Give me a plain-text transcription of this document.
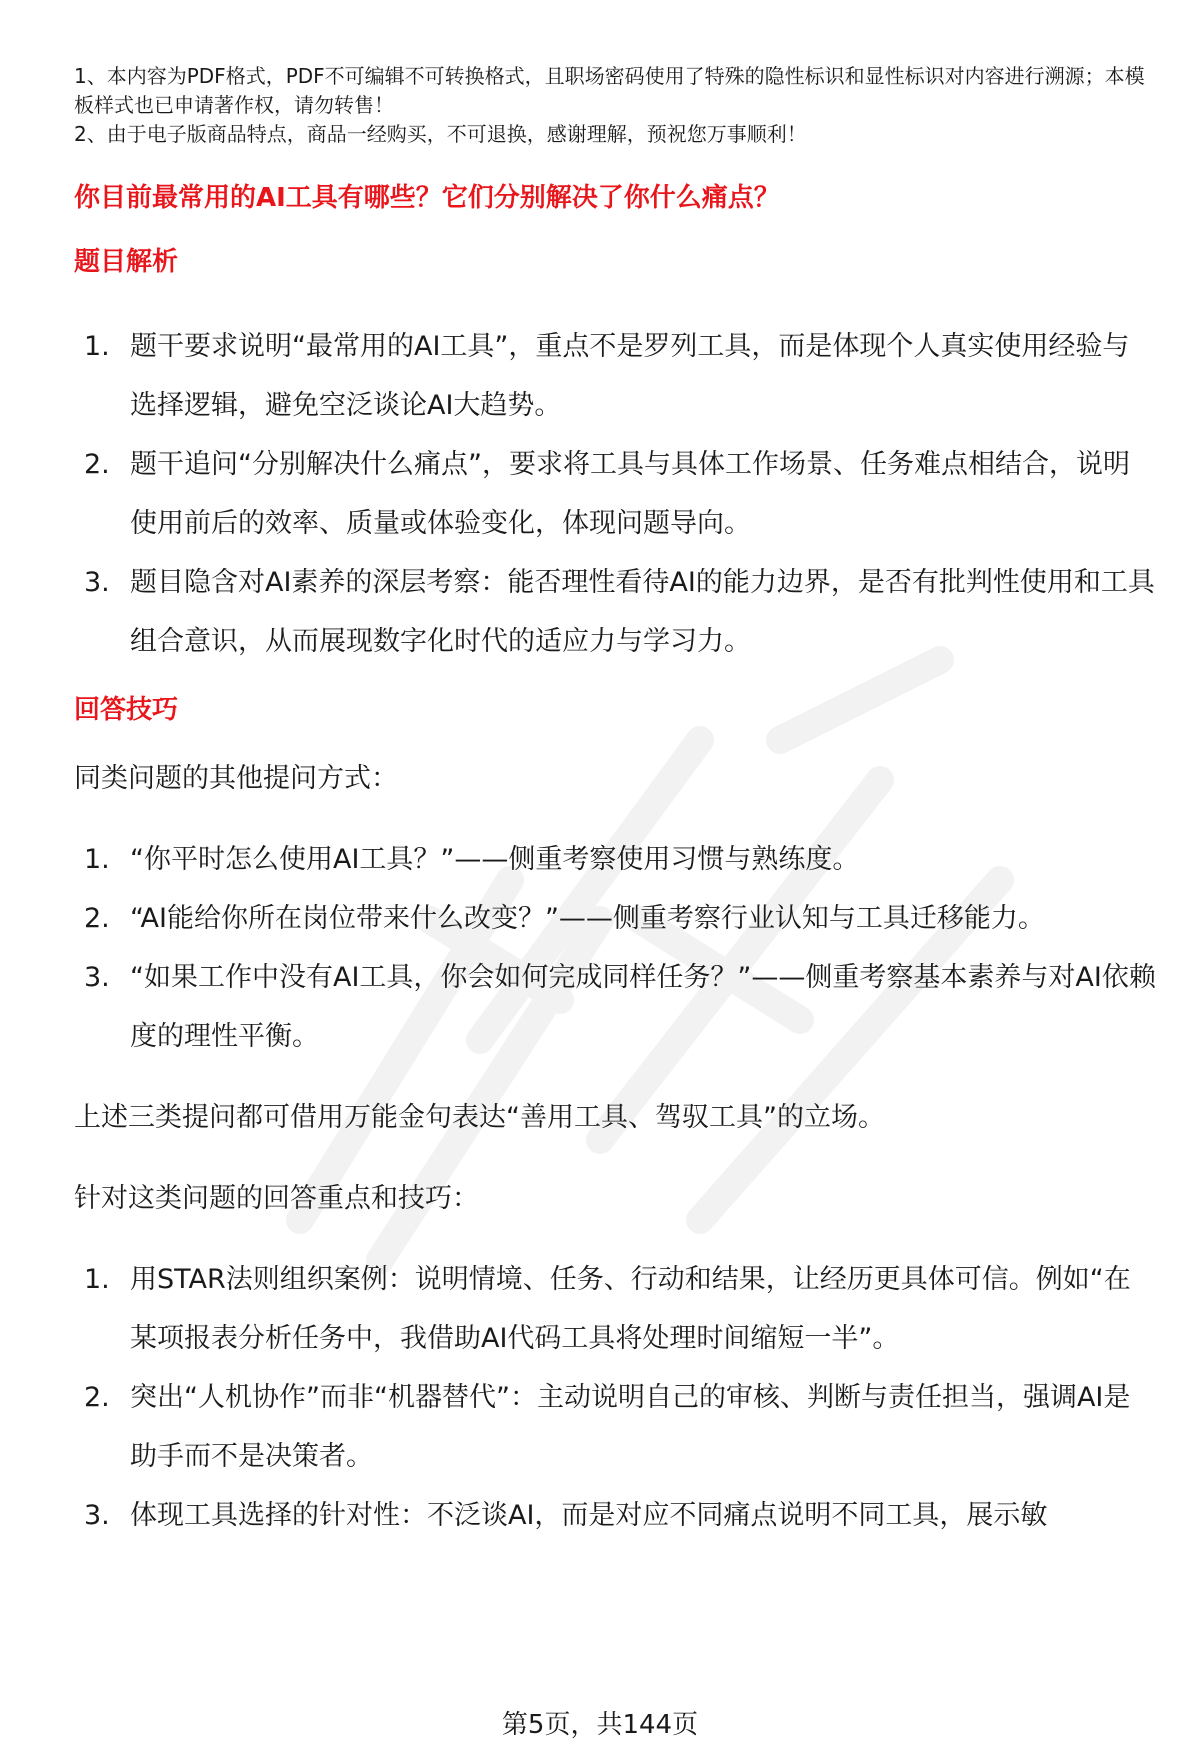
1、本内容为PDF格式，PDF不可编辑不可转换格式，且职场密码使用了特殊的隐性标识和显性标识对内容进行溯源；本模板样式也已申请著作权，请勿转售！

2、由于电子版商品特点，商品一经购买，不可退换，感谢理解，预祝您万事顺利！

你目前最常用的AI工具有哪些？它们分别解决了你什么痛点？
题目解析
1. 题干要求说明“最常用的AI工具”，重点不是罗列工具，而是体现个人真实使用经验与选择逻辑，避免空泛谈论AI大趋势。
2. 题干追问“分别解决什么痛点”，要求将工具与具体工作场景、任务难点相结合，说明使用前后的效率、质量或体验变化，体现问题导向。
3. 题目隐含对AI素养的深层考察：能否理性看待AI的能力边界，是否有批判性使用和工具组合意识，从而展现数字化时代的适应力与学习力。
回答技巧

同类问题的其他提问方式：

1. “你平时怎么使用AI工具？”——侧重考察使用习惯与熟练度。
2. “AI能给你所在岗位带来什么改变？”——侧重考察行业认知与工具迁移能力。
3. “如果工作中没有AI工具，你会如何完成同样任务？”——侧重考察基本素养与对AI依赖度的理性平衡。

上述三类提问都可借用万能金句表达“善用工具、驾驭工具”的立场。

针对这类问题的回答重点和技巧：

1. 用STAR法则组织案例：说明情境、任务、行动和结果，让经历更具体可信。例如“在某项报表分析任务中，我借助AI代码工具将处理时间缩短一半”。
2. 突出“人机协作”而非“机器替代”：主动说明自己的审核、判断与责任担当，强调AI是助手而不是决策者。
3. 体现工具选择的针对性：不泛谈AI，而是对应不同痛点说明不同工具，展示敏
第5页，共144页
